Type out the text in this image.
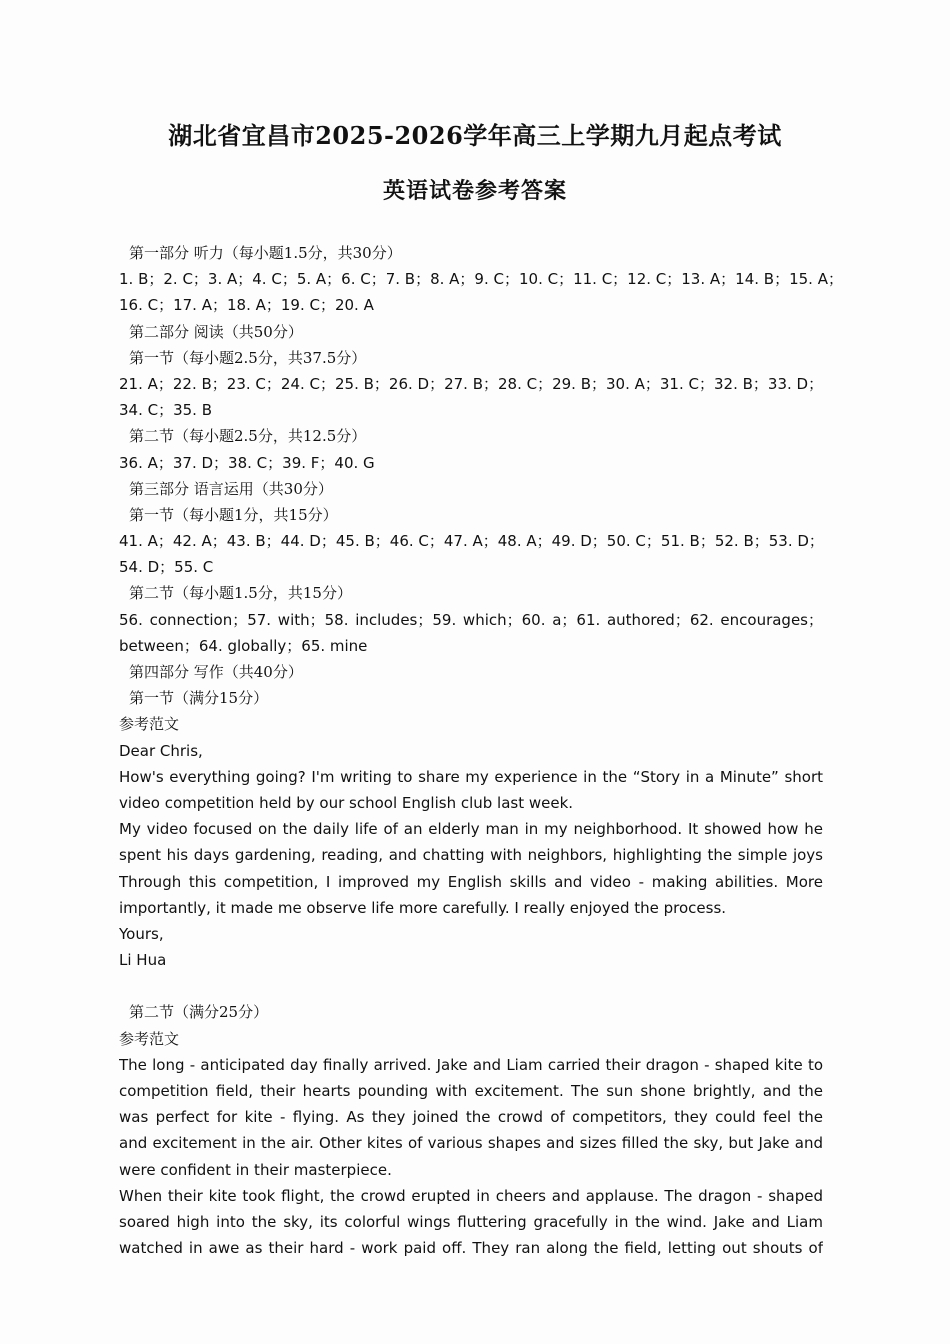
湖北省宜昌市2025-2026学年高三上学期九月起点考试
英语试卷参考答案
第一部分 听力（每小题1.5分，共30分）
1. B；2. C；3. A；4. C；5. A；6. C；7. B；8. A；9. C；10. C；11. C；12. C；13. A；14. B；15. A；
16. C；17. A；18. A；19. C；20. A
第二部分 阅读（共50分）
第一节（每小题2.5分，共37.5分）
21. A；22. B；23. C；24. C；25. B；26. D；27. B；28. C；29. B；30. A；31. C；32. B；33. D；
34. C；35. B
第二节（每小题2.5分，共12.5分）
36. A；37. D；38. C；39. F；40. G
第三部分 语言运用（共30分）
第一节（每小题1分，共15分）
41. A；42. A；43. B；44. D；45. B；46. C；47. A；48. A；49. D；50. C；51. B；52. B；53. D；
54. D；55. C
第二节（每小题1.5分，共15分）
56. connection；57. with；58. includes；59. which；60. a；61. authored；62. encourages；
between；64. globally；65. mine
第四部分 写作（共40分）
第一节（满分15分）
参考范文
Dear Chris,
How's everything going? I'm writing to share my experience in the “Story in a Minute” short
video competition held by our school English club last week.
My video focused on the daily life of an elderly man in my neighborhood. It showed how he
spent his days gardening, reading, and chatting with neighbors, highlighting the simple joys
Through this competition, I improved my English skills and video - making abilities. More
importantly, it made me observe life more carefully. I really enjoyed the process.
Yours,
Li Hua
第二节（满分25分）
参考范文
The long - anticipated day finally arrived. Jake and Liam carried their dragon - shaped kite to
competition field, their hearts pounding with excitement. The sun shone brightly, and the
was perfect for kite - flying. As they joined the crowd of competitors, they could feel the
and excitement in the air. Other kites of various shapes and sizes filled the sky, but Jake and
were confident in their masterpiece.
When their kite took flight, the crowd erupted in cheers and applause. The dragon - shaped
soared high into the sky, its colorful wings fluttering gracefully in the wind. Jake and Liam
watched in awe as their hard - work paid off. They ran along the field, letting out shouts of
